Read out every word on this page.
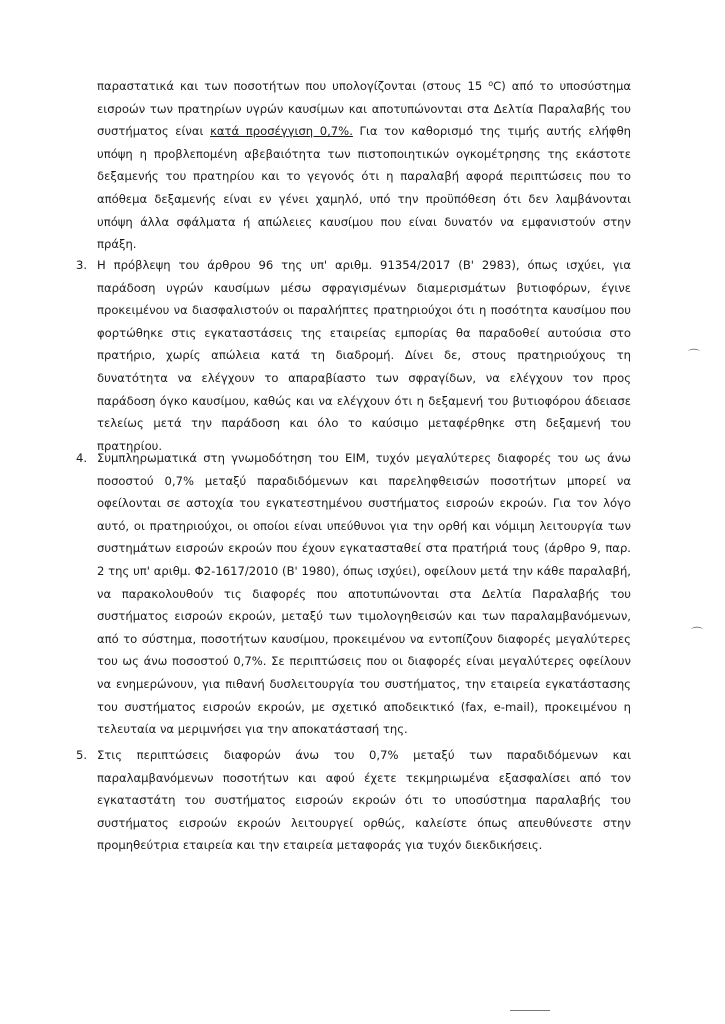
παραστατικά και των ποσοτήτων που υπολογίζονται (στους 15 $^o$C) από το υποσύστημα εισροών των πρατηρίων υγρών καυσίμων και αποτυπώνονται στα Δελτία Παραλαβής του συστήματος είναι κατά προσέγγιση 0,7%. Για τον καθορισμό της τιμής αυτής ελήφθη υπόψη η προβλεπομένη αβεβαιότητα των πιστοποιητικών ογκομέτρησης της εκάστοτε δεξαμενής του πρατηρίου και το γεγονός ότι η παραλαβή αφορά περιπτώσεις που το απόθεμα δεξαμενής είναι εν γένει χαμηλό, υπό την προϋπόθεση ότι δεν λαμβάνονται υπόψη άλλα σφάλματα ή απώλειες καυσίμου που είναι δυνατόν να εμφανιστούν στην πράξη.

3. Η πρόβλεψη του άρθρου 96 της υπ' αριθμ. 91354/2017 (Β' 2983), όπως ισχύει, για παράδοση υγρών καυσίμων μέσω σφραγισμένων διαμερισμάτων βυτιοφόρων, έγινε προκειμένου να διασφαλιστούν οι παραλήπτες πρατηριούχοι ότι η ποσότητα καυσίμου που φορτώθηκε στις εγκαταστάσεις της εταιρείας εμπορίας θα παραδοθεί αυτούσια στο πρατήριο, χωρίς απώλεια κατά τη διαδρομή. Δίνει δε, στους πρατηριούχους τη δυνατότητα να ελέγχουν το απαραβίαστο των σφραγίδων, να ελέγχουν τον προς παράδοση όγκο καυσίμου, καθώς και να ελέγχουν ότι η δεξαμενή του βυτιοφόρου άδειασε τελείως μετά την παράδοση και όλο το καύσιμο μεταφέρθηκε στη δεξαμενή του πρατηρίου.

4. Συμπληρωματικά στη γνωμοδότηση του ΕΙΜ, τυχόν μεγαλύτερες διαφορές του ως άνω ποσοστού 0,7% μεταξύ παραδιδόμενων και παρεληφθεισών ποσοτήτων μπορεί να οφείλονται σε αστοχία του εγκατεστημένου συστήματος εισροών εκροών. Για τον λόγο αυτό, οι πρατηριούχοι, οι οποίοι είναι υπεύθυνοι για την ορθή και νόμιμη λειτουργία των συστημάτων εισροών εκροών που έχουν εγκατασταθεί στα πρατήριά τους (άρθρο 9, παρ. 2 της υπ' αριθμ. Φ2-1617/2010 (Β' 1980), όπως ισχύει), οφείλουν μετά την κάθε παραλαβή, να παρακολουθούν τις διαφορές που αποτυπώνονται στα Δελτία Παραλαβής του συστήματος εισροών εκροών, μεταξύ των τιμολογηθεισών και των παραλαμβανόμενων, από το σύστημα, ποσοτήτων καυσίμου, προκειμένου να εντοπίζουν διαφορές μεγαλύτερες του ως άνω ποσοστού 0,7%. Σε περιπτώσεις που οι διαφορές είναι μεγαλύτερες οφείλουν να ενημερώνουν, για πιθανή δυσλειτουργία του συστήματος, την εταιρεία εγκατάστασης του συστήματος εισροών εκροών, με σχετικό αποδεικτικό (fax, e-mail), προκειμένου η τελευταία να μεριμνήσει για την αποκατάστασή της.

5. Στις περιπτώσεις διαφορών άνω του 0,7% μεταξύ των παραδιδόμενων και παραλαμβανόμενων ποσοτήτων και αφού έχετε τεκμηριωμένα εξασφαλίσει από τον εγκαταστάτη του συστήματος εισροών εκροών ότι το υποσύστημα παραλαβής του συστήματος εισροών εκροών λειτουργεί ορθώς, καλείστε όπως απευθύνεστε στην προμηθεύτρια εταιρεία και την εταιρεία μεταφοράς για τυχόν διεκδικήσεις.

⌒
⌒
